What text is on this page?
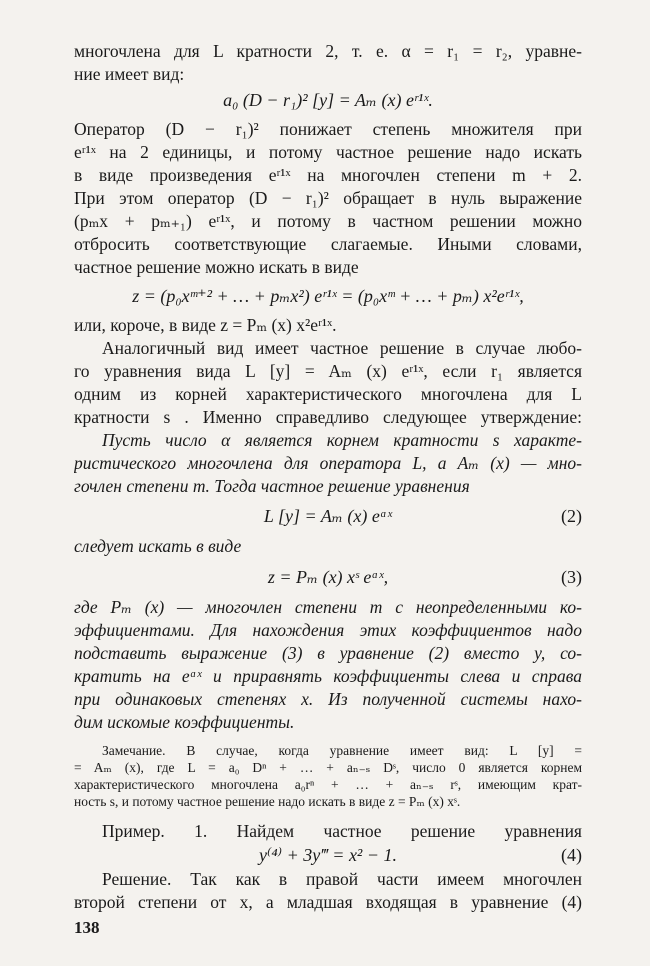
многочлена для L кратности 2, т. е. α = r₁ = r₂, уравне-
ние имеет вид:
a₀ (D − r₁)² [y] = Aₘ (x) eʳ¹ˣ.
Оператор (D − r₁)² понижает степень множителя при
eʳ¹ˣ на 2 единицы, и потому частное решение надо искать
в виде произведения eʳ¹ˣ на многочлен степени m + 2.
При этом оператор (D − r₁)² обращает в нуль выражение
(pₘx + pₘ₊₁) eʳ¹ˣ, и потому в частном решении можно
отбросить соответствующие слагаемые. Иными словами,
частное решение можно искать в виде
z = (p₀xᵐ⁺² + … + pₘx²) eʳ¹ˣ = (p₀xᵐ + … + pₘ) x²eʳ¹ˣ,
или, короче, в виде z = Pₘ (x) x²eʳ¹ˣ.
Аналогичный вид имеет частное решение в случае любо-
го уравнения вида L [y] = Aₘ (x) eʳ¹ˣ, если r₁ является
одним из корней характеристического многочлена для L
кратности s . Именно справедливо следующее утверждение:
Пусть число α является корнем кратности s характе-
ристического многочлена для оператора L, а Aₘ (x) — мно-
гочлен степени m. Тогда частное решение уравнения
L [y] = Aₘ (x) eᵅˣ	(2)
следует искать в виде
z = Pₘ (x) xˢ eᵅˣ,	(3)
где Pₘ (x) — многочлен степени m с неопределенными ко-
эффициентами. Для нахождения этих коэффициентов надо
подставить выражение (3) в уравнение (2) вместо y, со-
кратить на eᵅˣ и приравнять коэффициенты слева и справа
при одинаковых степенях x. Из полученной системы нахо-
дим искомые коэффициенты.
Замечание. В случае, когда уравнение имеет вид: L [y] =
= Aₘ (x), где L = a₀ Dⁿ + … + aₙ₋ₛ Dˢ, число 0 является корнем
характеристического многочлена a₀rⁿ + … + aₙ₋ₛ rˢ, имеющим крат-
ность s, и потому частное решение надо искать в виде z = Pₘ (x) xˢ.
Пример. 1. Найдем частное решение уравнения
y⁽⁴⁾ + 3y‴ = x² − 1.	(4)
Решение. Так как в правой части имеем многочлен
второй степени от x, а младшая входящая в уравнение (4)
138
